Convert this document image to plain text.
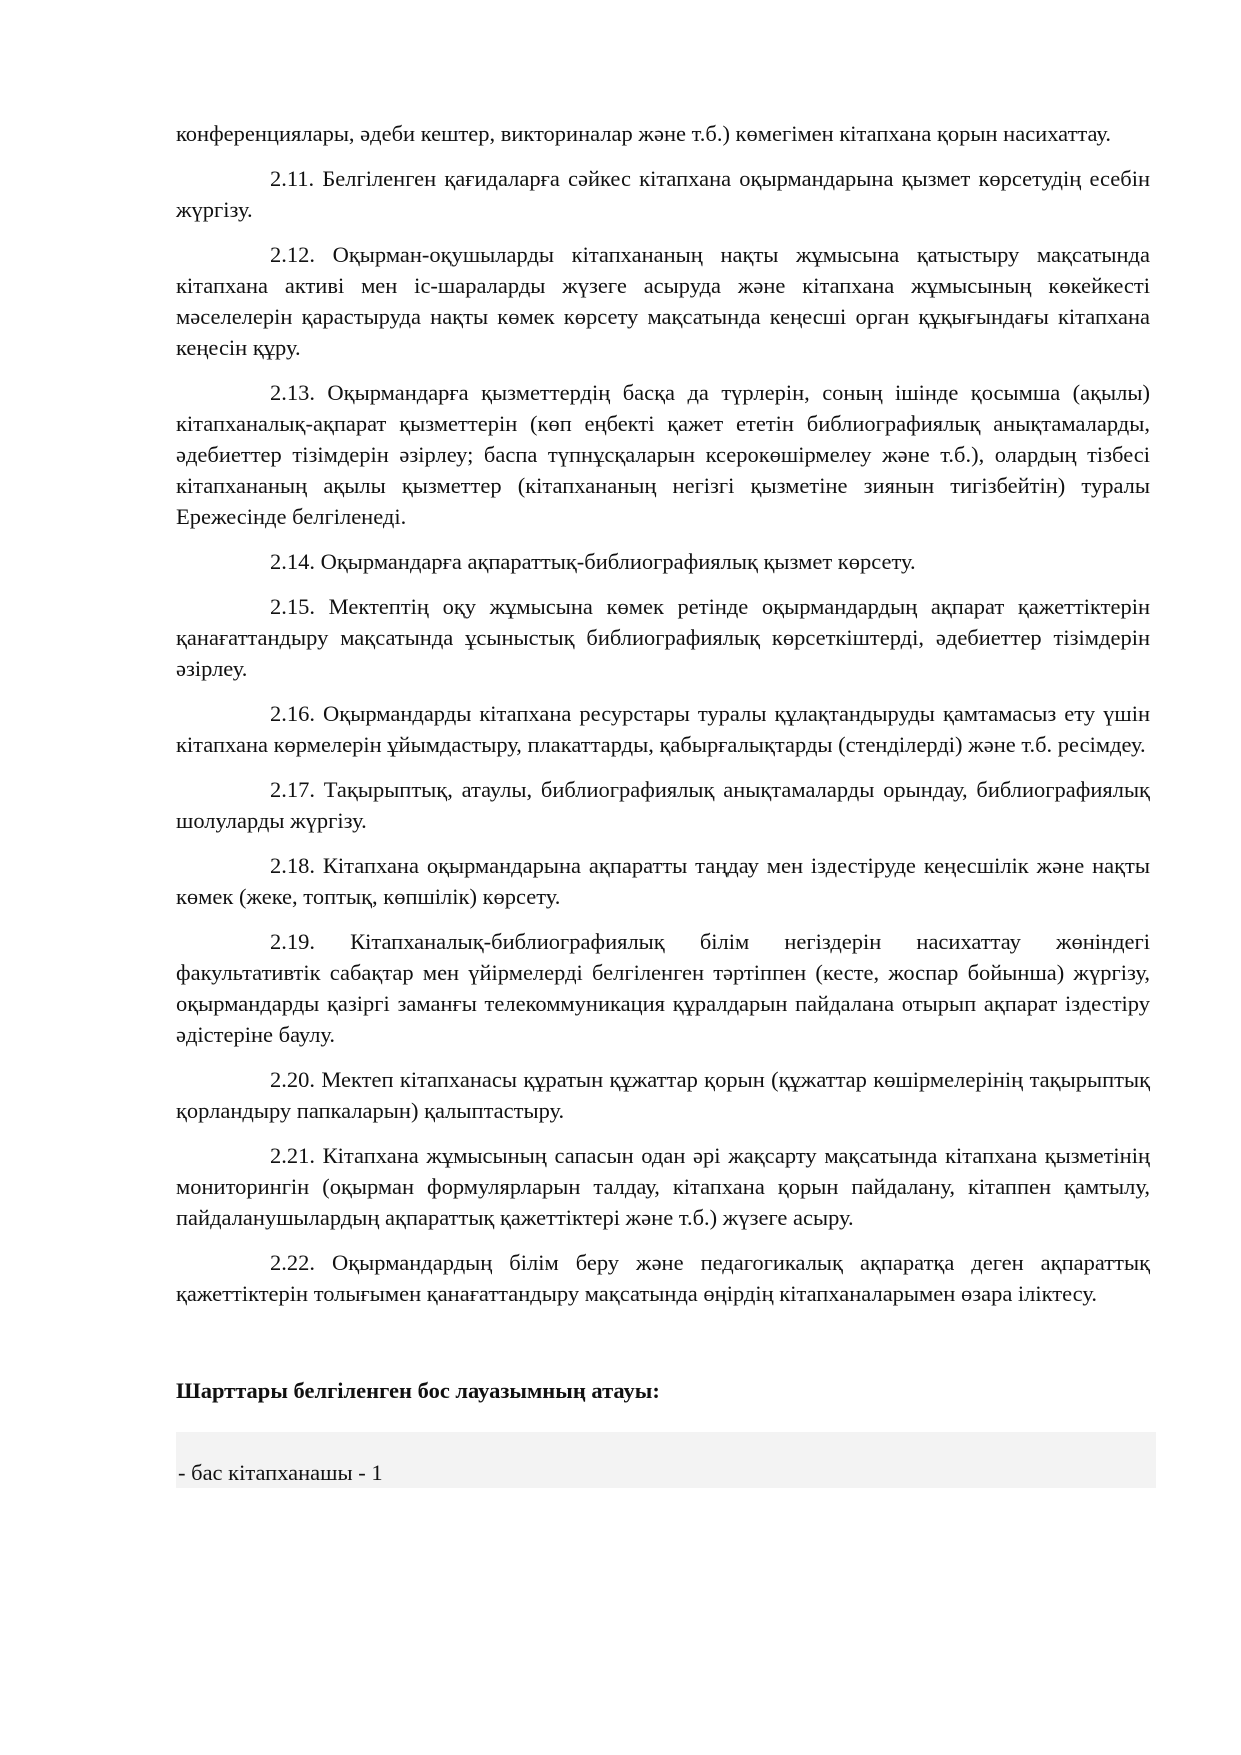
конференциялары, әдеби кештер, викториналар және т.б.) көмегімен кітапхана қорын насихаттау.

2.11. Белгіленген қағидаларға сәйкес кітапхана оқырмандарына қызмет көрсетудің есебін жүргізу.

2.12. Оқырман-оқушыларды кітапхананың нақты жұмысына қатыстыру мақсатында кітапхана активі мен іс-шараларды жүзеге асыруда және кітапхана жұмысының көкейкесті мәселелерін қарастыруда нақты көмек көрсету мақсатында кеңесші орган құқығындағы кітапхана кеңесін құру.

2.13. Оқырмандарға қызметтердің басқа да түрлерін, соның ішінде қосымша (ақылы) кітапханалық-ақпарат қызметтерін (көп еңбекті қажет ететін библиографиялық анықтамаларды, әдебиеттер тізімдерін әзірлеу; баспа түпнұсқаларын ксерокөшірмелеу және т.б.), олардың тізбесі кітапхананың ақылы қызметтер (кітапхананың негізгі қызметіне зиянын тигізбейтін) туралы Ережесінде белгіленеді.

2.14. Оқырмандарға ақпараттық-библиографиялық қызмет көрсету.

2.15. Мектептің оқу жұмысына көмек ретінде оқырмандардың ақпарат қажеттіктерін қанағаттандыру мақсатында ұсыныстық библиографиялық көрсеткіштерді, әдебиеттер тізімдерін әзірлеу.

2.16. Оқырмандарды кітапхана ресурстары туралы құлақтандыруды қамтамасыз ету үшін кітапхана көрмелерін ұйымдастыру, плакаттарды, қабырғалықтарды (стенділерді) және т.б. ресімдеу.

2.17. Тақырыптық, атаулы, библиографиялық анықтамаларды орындау, библиографиялық шолуларды жүргізу.

2.18. Кітапхана оқырмандарына ақпаратты таңдау мен іздестіруде кеңесшілік және нақты көмек (жеке, топтық, көпшілік) көрсету.

2.19. Кітапханалық-библиографиялық білім негіздерін насихаттау жөніндегі факультативтік сабақтар мен үйірмелерді белгіленген тәртіппен (кесте, жоспар бойынша) жүргізу, оқырмандарды қазіргі заманғы телекоммуникация құралдарын пайдалана отырып ақпарат іздестіру әдістеріне баулу.

2.20. Мектеп кітапханасы құратын құжаттар қорын (құжаттар көшірмелерінің тақырыптық қорландыру папкаларын) қалыптастыру.

2.21. Кітапхана жұмысының сапасын одан әрі жақсарту мақсатында кітапхана қызметінің мониторингін (оқырман формулярларын талдау, кітапхана қорын пайдалану, кітаппен қамтылу, пайдаланушылардың ақпараттық қажеттіктері және т.б.) жүзеге асыру.

2.22. Оқырмандардың білім беру және педагогикалық ақпаратқа деген ақпараттық қажеттіктерін толығымен қанағаттандыру мақсатында өңірдің кітапханаларымен өзара іліктесу.

Шарттары белгіленген бос лауазымның атауы:
- бас кітапханашы - 1
